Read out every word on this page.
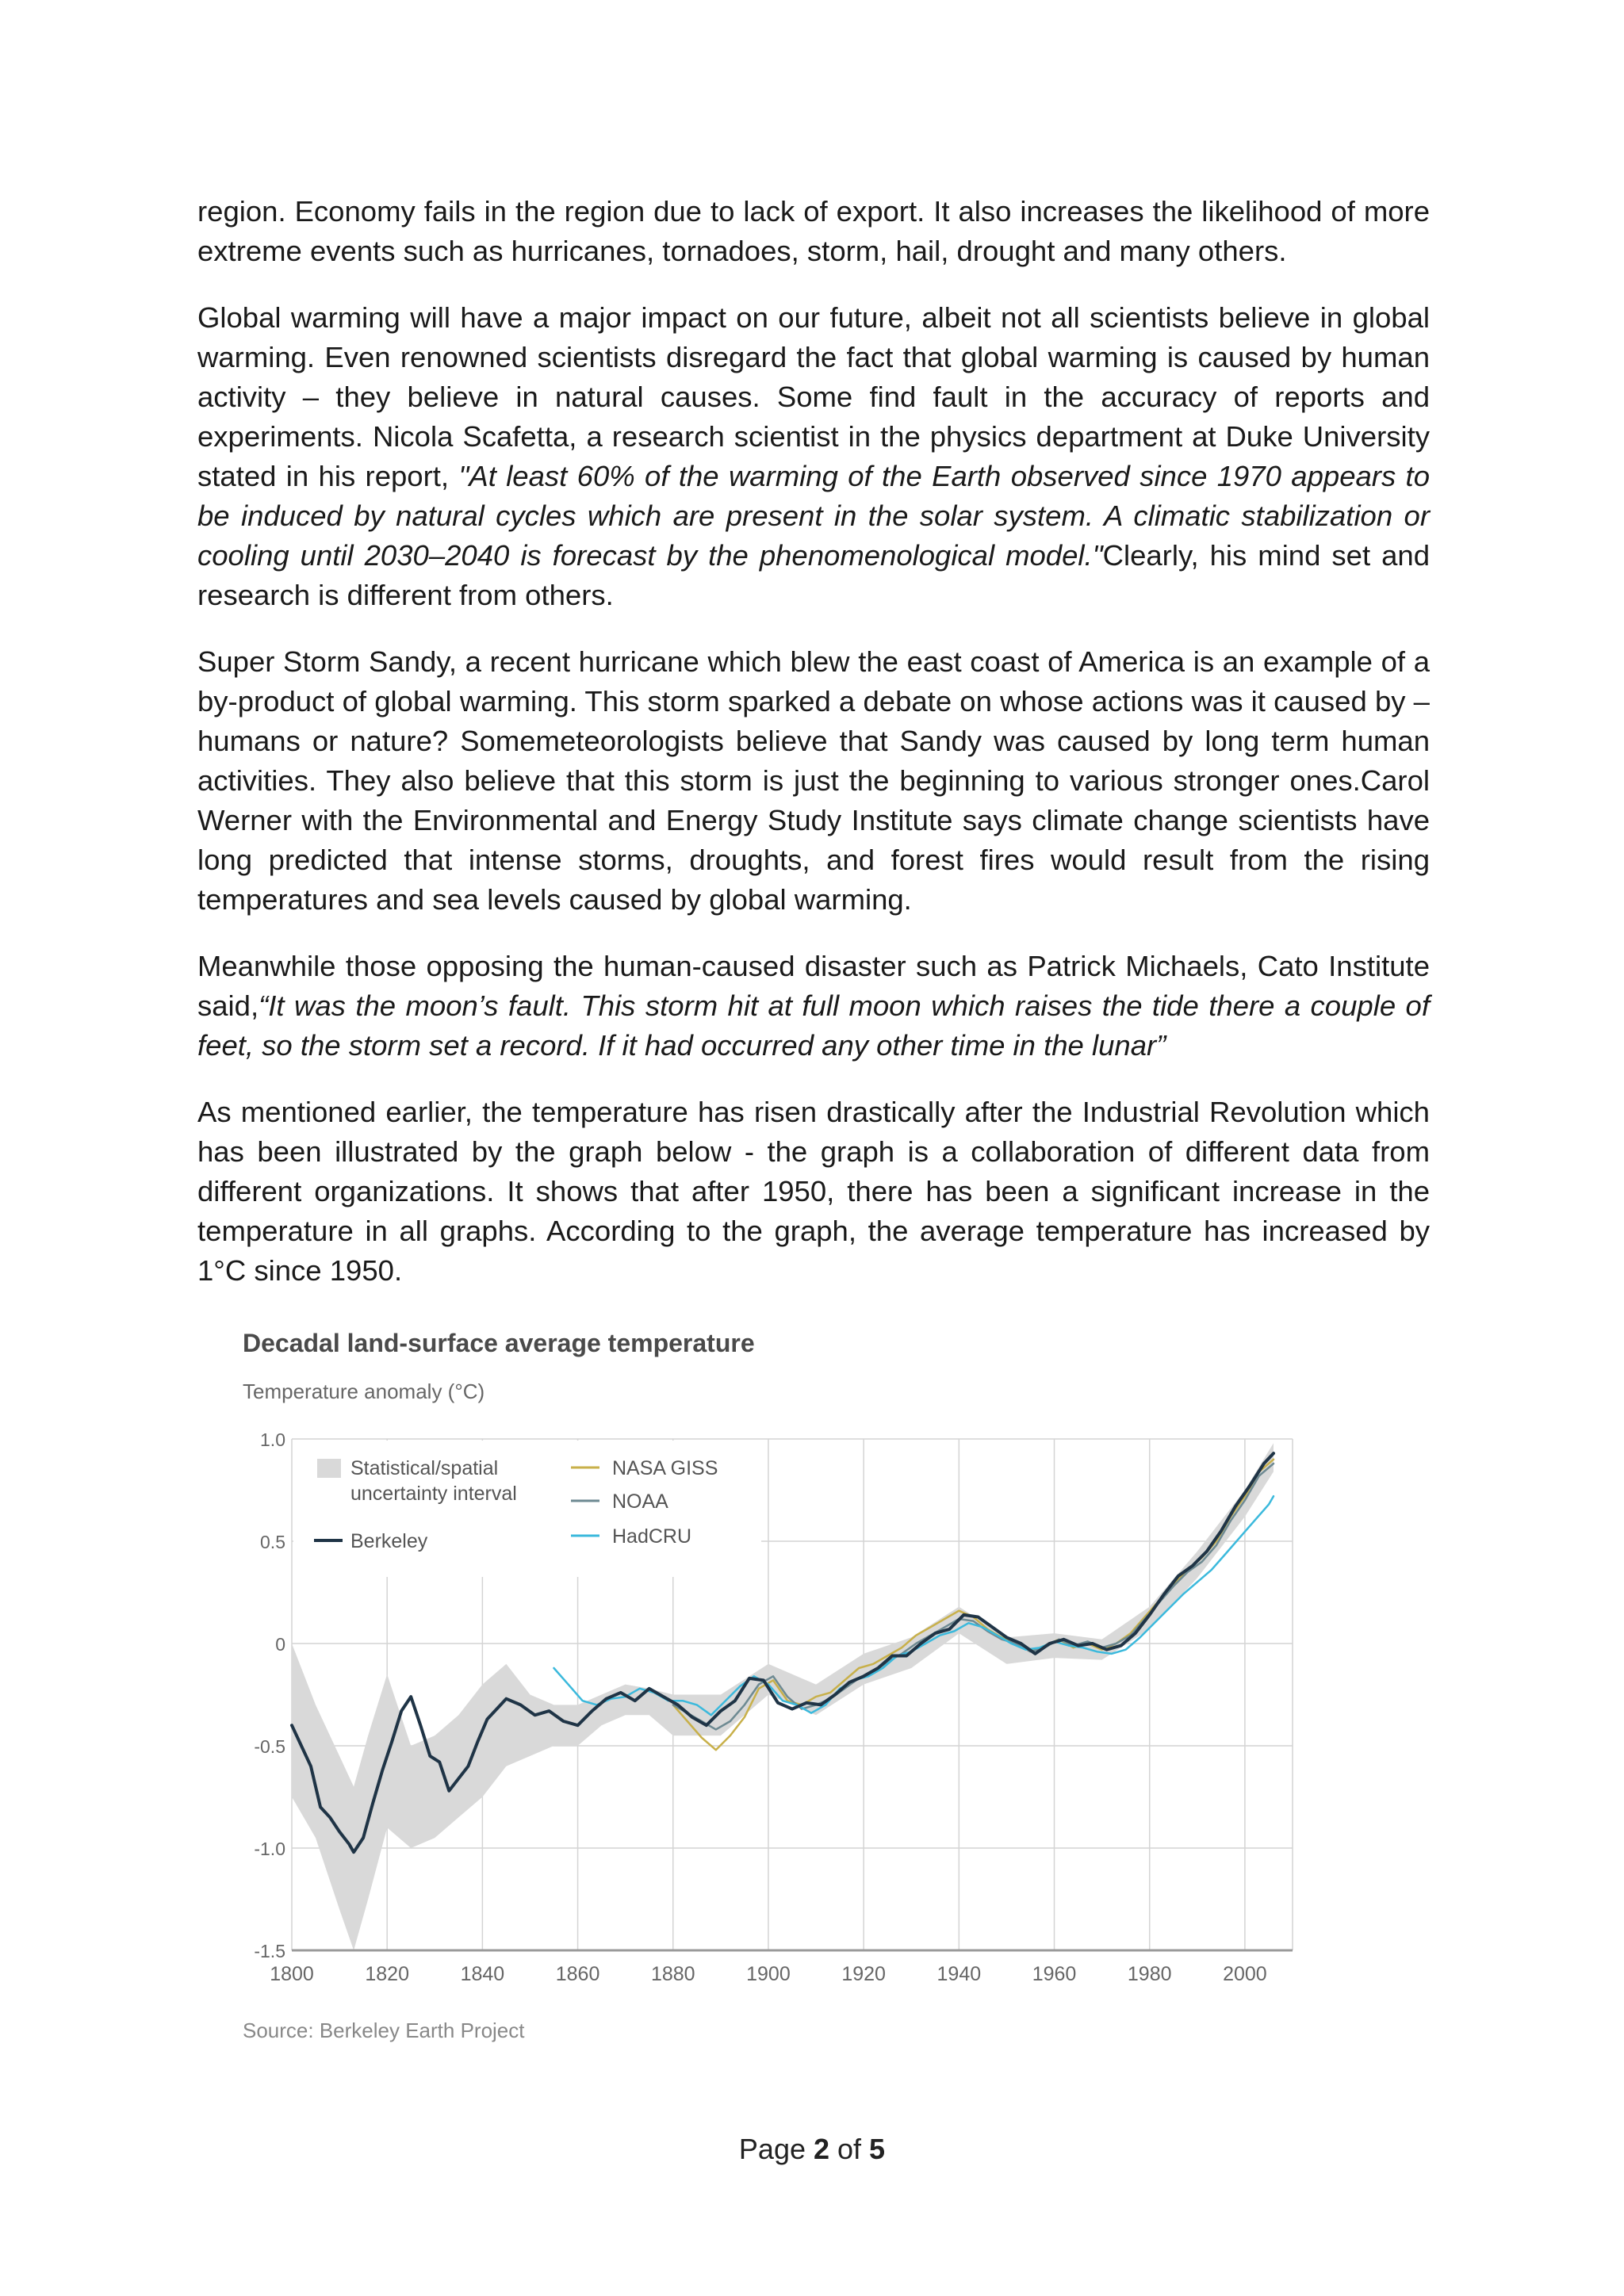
region. Economy fails in the region due to lack of export. It also increases the likelihood of more extreme events such as hurricanes, tornadoes, storm, hail, drought and many others.

Global warming will have a major impact on our future, albeit not all scientists believe in global warming. Even renowned scientists disregard the fact that global warming is caused by human activity – they believe in natural causes. Some find fault in the accuracy of reports and experiments. Nicola Scafetta, a research scientist in the physics department at Duke University stated in his report, "At least 60% of the warming of the Earth observed since 1970 appears to be induced by natural cycles which are present in the solar system. A climatic stabilization or cooling until 2030–2040 is forecast by the phenomenological model."Clearly, his mind set and research is different from others.

Super Storm Sandy, a recent hurricane which blew the east coast of America is an example of a by-product of global warming. This storm sparked a debate on whose actions was it caused by – humans or nature? Somemeteorologists believe that Sandy was caused by long term human activities. They also believe that this storm is just the beginning to various stronger ones.Carol Werner with the Environmental and Energy Study Institute says climate change scientists have long predicted that intense storms, droughts, and forest fires would result from the rising temperatures and sea levels caused by global warming.

Meanwhile those opposing the human-caused disaster such as Patrick Michaels, Cato Institute said,“It was the moon’s fault. This storm hit at full moon which raises the tide there a couple of feet, so the storm set a record. If it had occurred any other time in the lunar”

As mentioned earlier, the temperature has risen drastically after the Industrial Revolution which has been illustrated by the graph below - the graph is a collaboration of different data from different organizations. It shows that after 1950, there has been a significant increase in the temperature in all graphs. According to the graph, the average temperature has increased by 1°C since 1950.

Decadal land-surface average temperature
Temperature anomaly (°C)
1800	1820	1840	1860	1880	1900	1920	1940	1960	1980	2000
1.0
0.5
0
-0.5
-1.0
-1.5
Statistical/spatial
uncertainty interval
Berkeley
NASA GISS
NOAA
HadCRU
Source: Berkeley Earth Project
Page 2 of 5
